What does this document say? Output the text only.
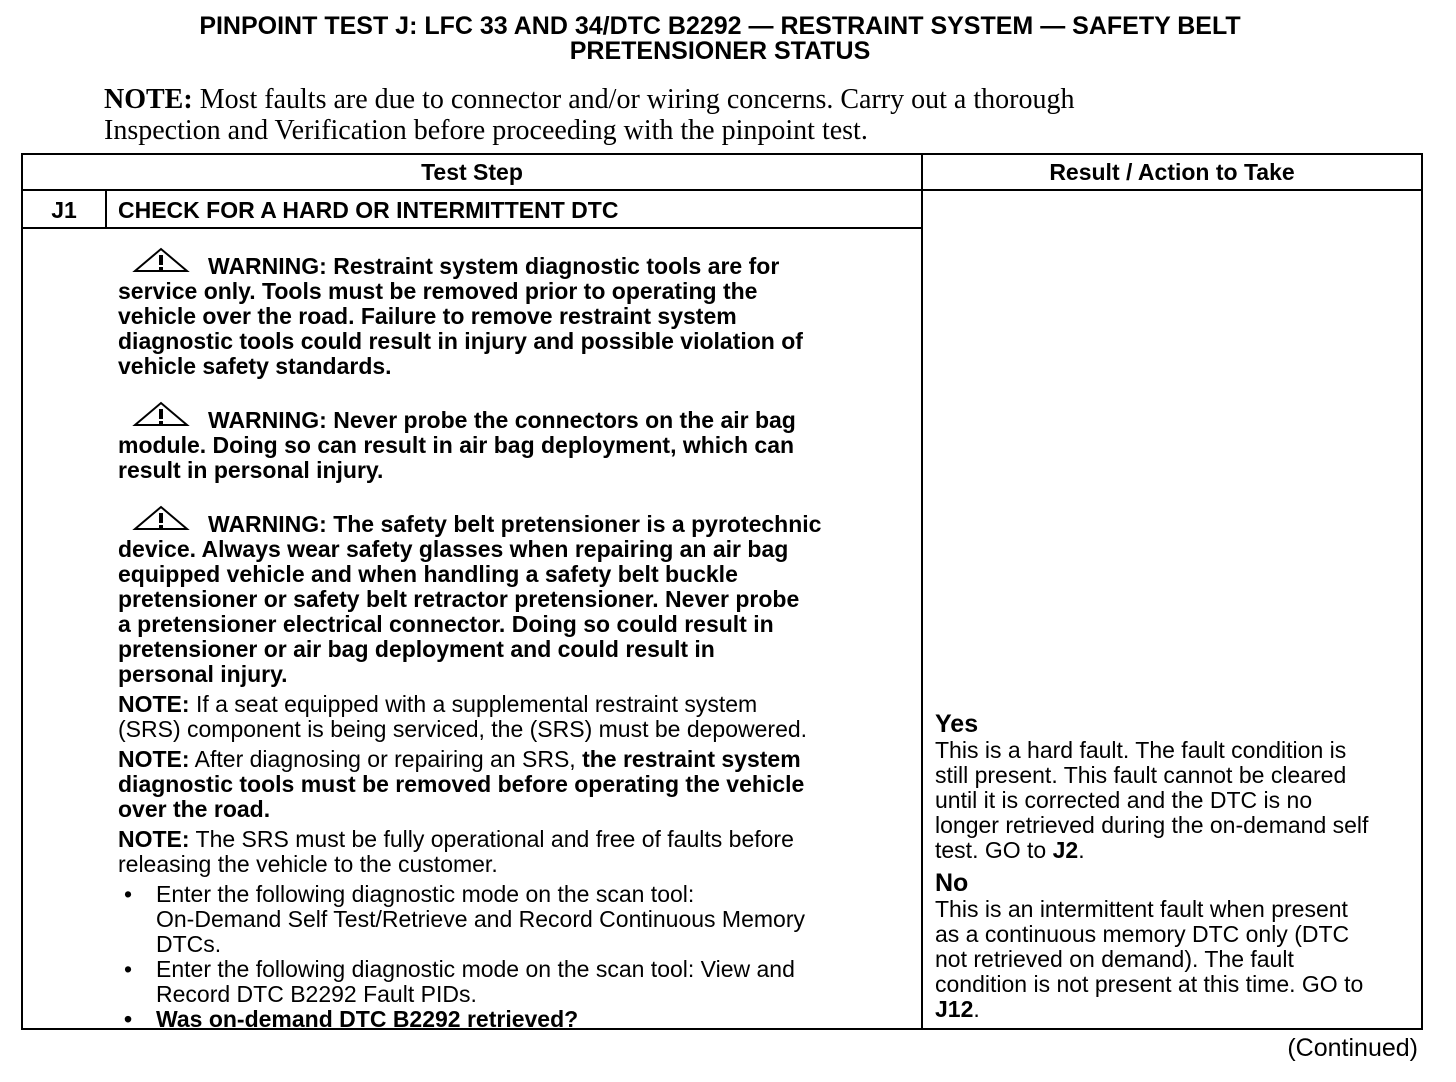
PINPOINT TEST J: LFC 33 AND 34/DTC B2292 — RESTRAINT SYSTEM — SAFETY BELT
PRETENSIONER STATUS
NOTE: Most faults are due to connector and/or wiring concerns. Carry out a thorough
Inspection and Verification before proceeding with the pinpoint test.
Test Step	Result / Action to Take
J1	CHECK FOR A HARD OR INTERMITTENT DTC
WARNING: Restraint system diagnostic tools are for
service only. Tools must be removed prior to operating the
vehicle over the road. Failure to remove restraint system
diagnostic tools could result in injury and possible violation of
vehicle safety standards.
WARNING: Never probe the connectors on the air bag
module. Doing so can result in air bag deployment, which can
result in personal injury.
WARNING: The safety belt pretensioner is a pyrotechnic
device. Always wear safety glasses when repairing an air bag
equipped vehicle and when handling a safety belt buckle
pretensioner or safety belt retractor pretensioner. Never probe
a pretensioner electrical connector. Doing so could result in
pretensioner or air bag deployment and could result in
personal injury.
NOTE: If a seat equipped with a supplemental restraint system
(SRS) component is being serviced, the (SRS) must be depowered.
NOTE: After diagnosing or repairing an SRS, the restraint system
diagnostic tools must be removed before operating the vehicle
over the road.
NOTE: The SRS must be fully operational and free of faults before
releasing the vehicle to the customer.
• Enter the following diagnostic mode on the scan tool:
On-Demand Self Test/Retrieve and Record Continuous Memory
DTCs.
• Enter the following diagnostic mode on the scan tool: View and
Record DTC B2292 Fault PIDs.
• Was on-demand DTC B2292 retrieved?
Yes
This is a hard fault. The fault condition is
still present. This fault cannot be cleared
until it is corrected and the DTC is no
longer retrieved during the on-demand self
test. GO to J2.
No
This is an intermittent fault when present
as a continuous memory DTC only (DTC
not retrieved on demand). The fault
condition is not present at this time. GO to
J12.
(Continued)
